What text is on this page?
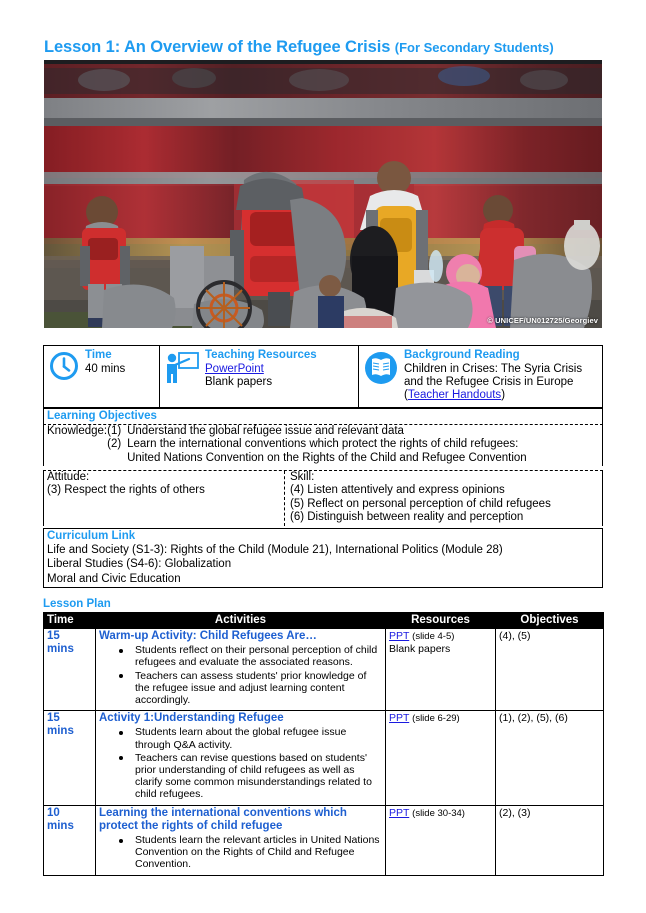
Lesson 1: An Overview of the Refugee Crisis (For Secondary Students)
© UNICEF/UN012725/Georgiev
Time
40 mins
Teaching Resources
PowerPoint
Blank papers
Background Reading
Children in Crises: The Syria Crisis and the Refugee Crisis in Europe (Teacher Handouts)
Learning Objectives
Knowledge: (1) Understand the global refugee issue and relevant data
(2) Learn the international conventions which protect the rights of child refugees:
United Nations Convention on the Rights of the Child and Refugee Convention
Attitude:
(3) Respect the rights of others
Skill:
(4) Listen attentively and express opinions
(5) Reflect on personal perception of child refugees
(6) Distinguish between reality and perception
Curriculum Link
Life and Society (S1-3): Rights of the Child (Module 21), International Politics (Module 28)
Liberal Studies (S4-6): Globalization
Moral and Civic Education
Lesson Plan
Time	Activities	Resources	Objectives

15
mins

Warm-up Activity: Child Refugees Are…
Students reflect on their personal perception of child refugees and evaluate the associated reasons.
Teachers can assess students' prior knowledge of the refugee issue and adjust learning content accordingly.
	PPT (slide 4-5)
Blank papers
	(4), (5)

15
mins

Activity 1:Understanding Refugee
Students learn about the global refugee issue through Q&A activity.
Teachers can revise questions based on students' prior understanding of child refugees as well as clarify some common misunderstandings related to child refugees.
	PPT (slide 6-29)	(1), (2), (5), (6)

10
mins

Learning the international conventions which protect the rights of child refugee
Students learn the relevant articles in United Nations Convention on the Rights of Child and Refugee Convention.
	PPT (slide 30-34)	(2), (3)
